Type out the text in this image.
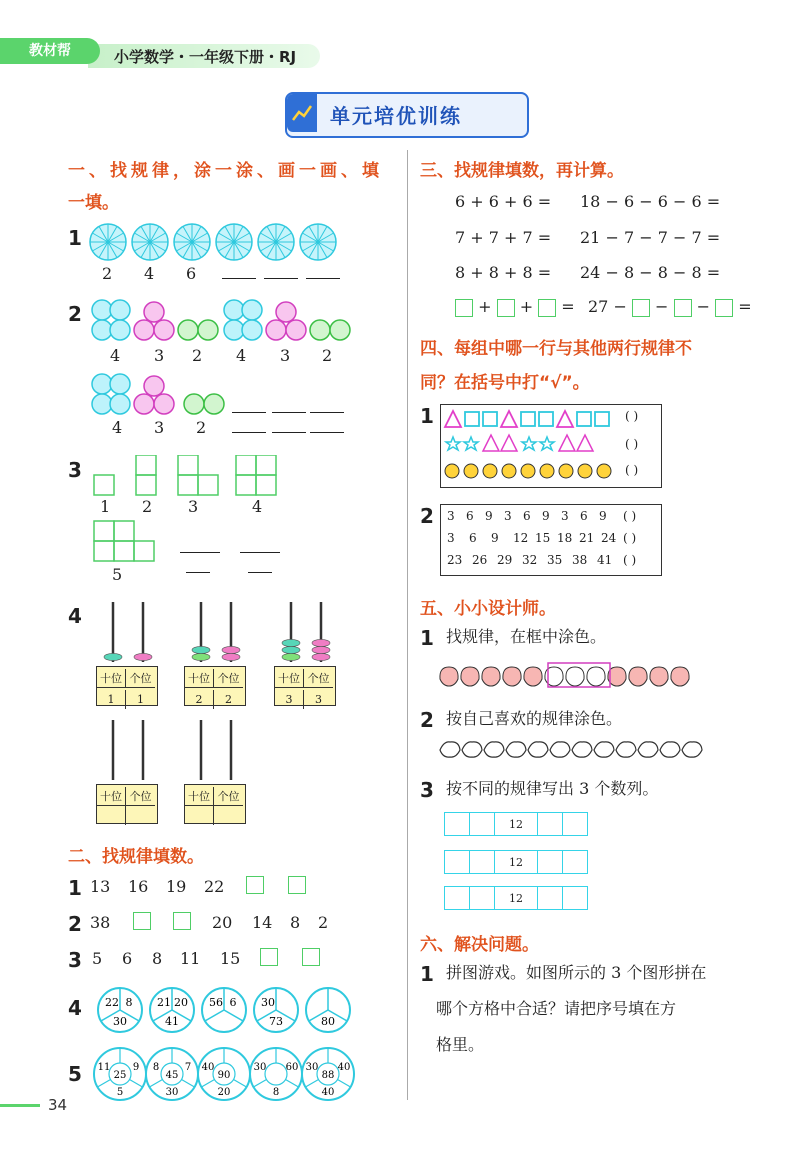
教材帮	小学数学・一年级下册・RJ
单元培优训练
一、找规律，涂一涂、画一画、填
一填。
1
2 4 6
2
4 3 2 4 3 2
4 3 2
3
1 2 3	4
5
4
十位 个位1 1
十位 个位2 2
十位 个位3 3
十位 个位	十位 个位
二、找规律填数。
1 13 16 19 22
2 38	20 14 8 2
3 5 6 8 11 15
4
5
22 8
30
21 20
41
56 6 30
73	80
11 9
25
5
8	7
45
30
40
90
20
30 60
8
30 40
88
40
三、找规律填数，再计算。
6 + 6 + 6 = 18 − 6 − 6 − 6 =
7 + 7 + 7 = 21 − 7 − 7 − 7 =
8 + 8 + 8 = 24 − 8 − 8 − 8 =
+ + = 27 − − − =
四、每组中哪一行与其他两行规律不
同？在括号中打“√”。
1	( )
( )
( )
2 3 6 9 3 6 9 3 6 9 ( )
3 6 9 12 15 18 21 24 ( )
23 26 29 32 35 38 41 ( )
五、小小设计师。
1 找规律，在框中涂色。
2 按自己喜欢的规律涂色。
3 按不同的规律写出 3 个数列。
		12		
		12		
		12		
六、解决问题。
1 拼图游戏。如图所示的 3 个图形拼在
哪个方格中合适？请把序号填在方
格里。
34
